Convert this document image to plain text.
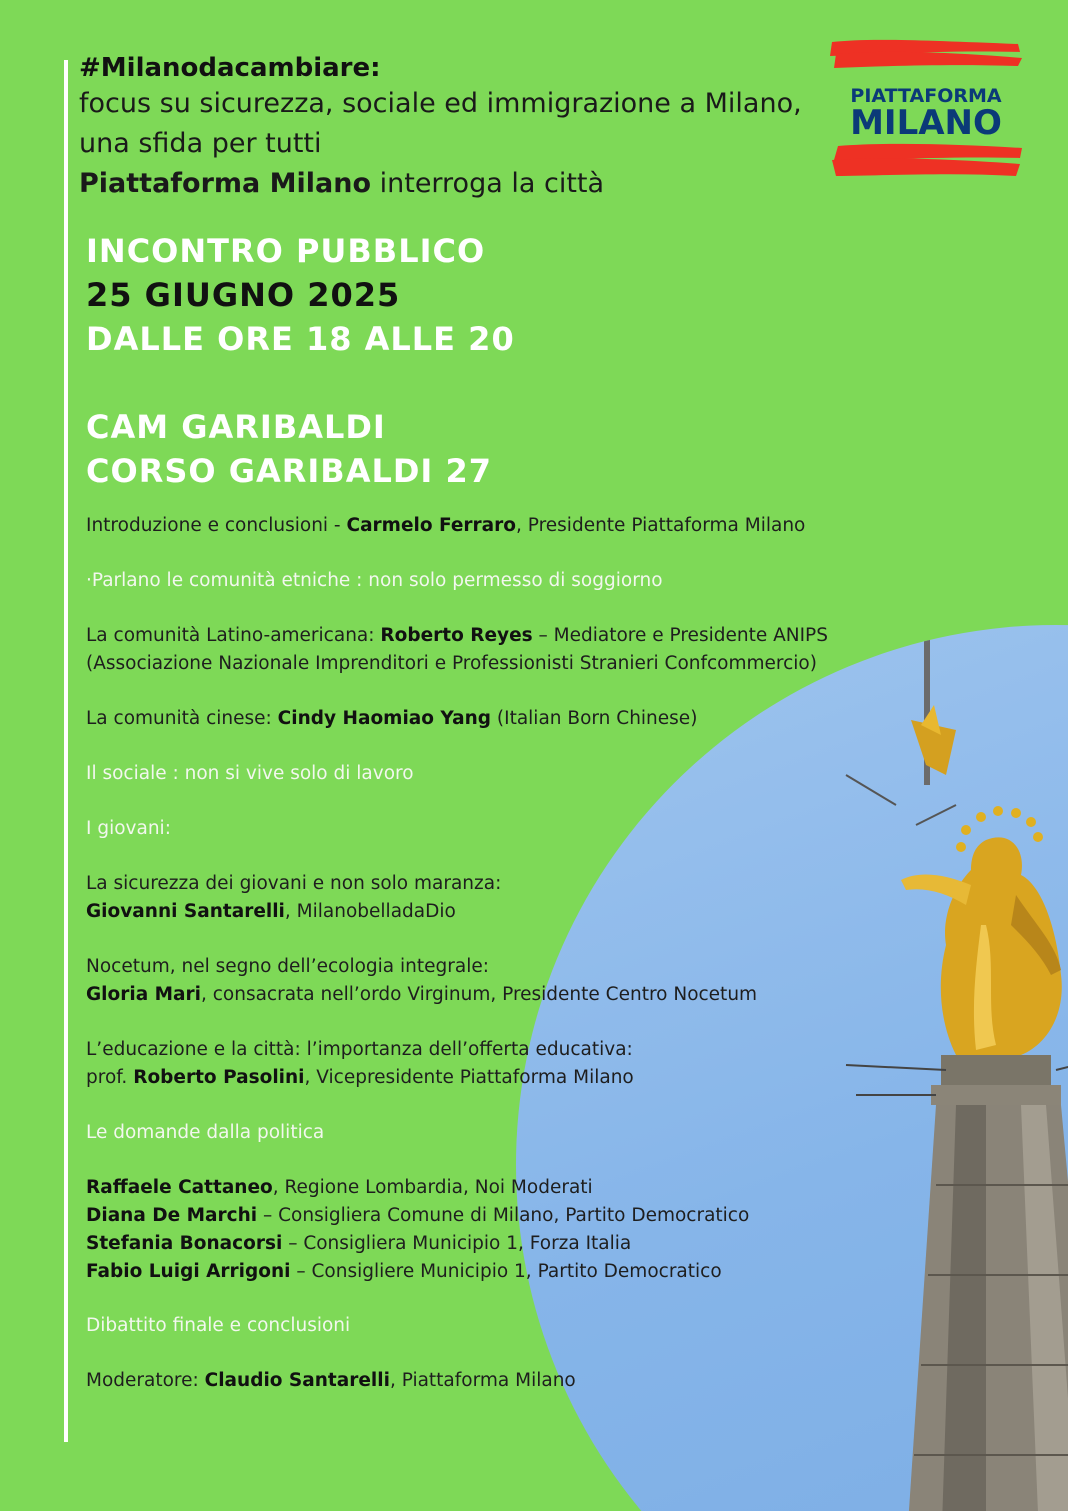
#Milanodacambiare:
focus su sicurezza, sociale ed immigrazione a Milano,
una sfida per tutti
Piattaforma Milano interroga la città
PIATTAFORMA
MILANO
INCONTRO PUBBLICO
25 GIUGNO 2025
DALLE ORE 18 ALLE 20
CAM GARIBALDI
CORSO GARIBALDI 27
Introduzione e conclusioni - Carmelo Ferraro, Presidente Piattaforma Milano
·Parlano le comunità etniche : non solo permesso di soggiorno
La comunità Latino-americana: Roberto Reyes – Mediatore e Presidente ANIPS
(Associazione Nazionale Imprenditori e Professionisti Stranieri Confcommercio)
La comunità cinese: Cindy Haomiao Yang (Italian Born Chinese)
Il sociale : non si vive solo di lavoro
I giovani:
La sicurezza dei giovani e non solo maranza:
Giovanni Santarelli, MilanobelladaDio
Nocetum, nel segno dell’ecologia integrale:
Gloria Mari, consacrata nell’ordo Virginum, Presidente Centro Nocetum
L’educazione e la città: l’importanza dell’offerta educativa:
prof. Roberto Pasolini, Vicepresidente Piattaforma Milano
Le domande dalla politica
Raffaele Cattaneo, Regione Lombardia, Noi Moderati
Diana De Marchi – Consigliera Comune di Milano, Partito Democratico
Stefania Bonacorsi – Consigliera Municipio 1, Forza Italia
Fabio Luigi Arrigoni – Consigliere Municipio 1, Partito Democratico
Dibattito finale e conclusioni
Moderatore: Claudio Santarelli, Piattaforma Milano
